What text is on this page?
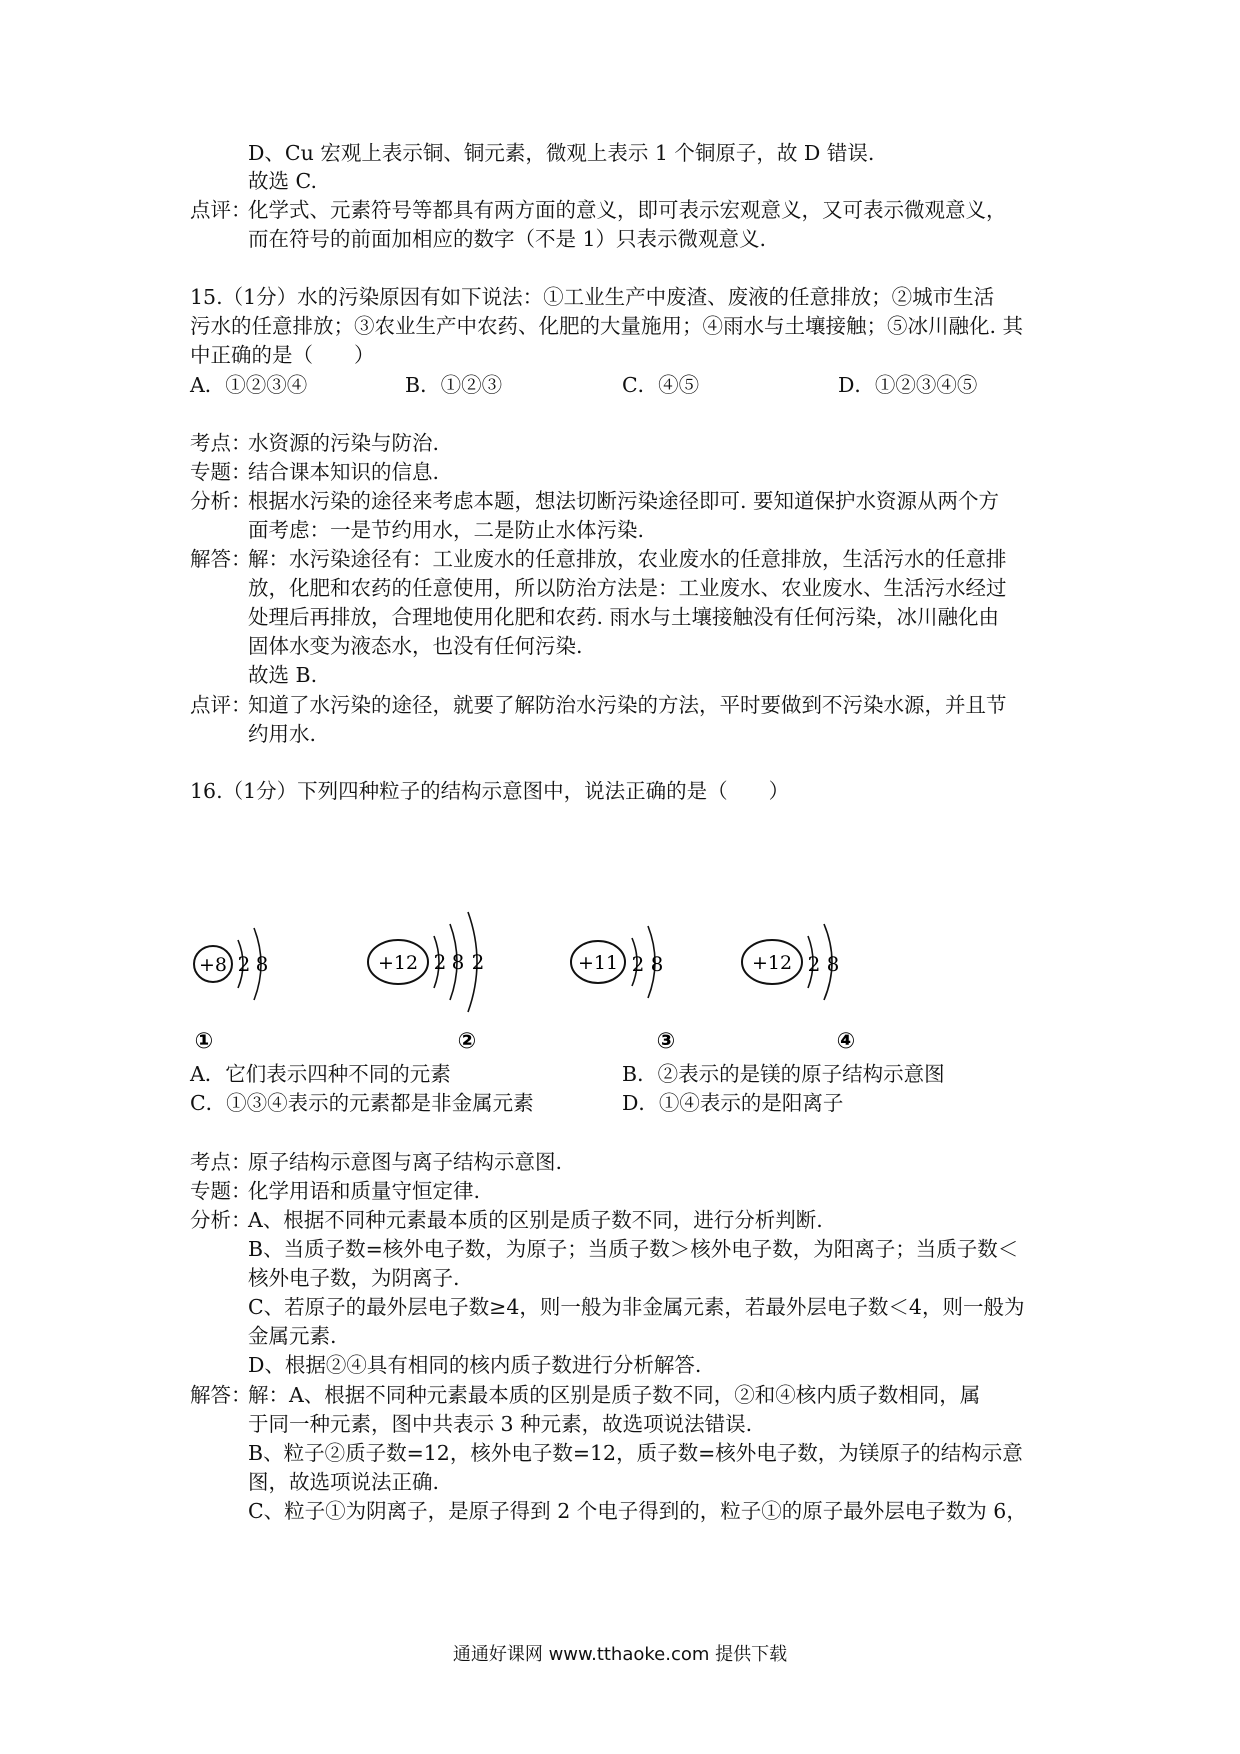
D、Cu 宏观上表示铜、铜元素，微观上表示 1 个铜原子，故 D 错误.
故选 C.
点评：
化学式、元素符号等都具有两方面的意义，即可表示宏观意义，又可表示微观意义，
而在符号的前面加相应的数字（不是 1）只表示微观意义.
15.（1分）水的污染原因有如下说法：①工业生产中废渣、废液的任意排放；②城市生活
污水的任意排放；③农业生产中农药、化肥的大量施用；④雨水与土壤接触；⑤冰川融化. 其
中正确的是（　　）
A．①②③④	B．①②③	C．④⑤	D．①②③④⑤
考点：
水资源的污染与防治.
专题：
结合课本知识的信息.
分析：
根据水污染的途径来考虑本题，想法切断污染途径即可. 要知道保护水资源从两个方
面考虑：一是节约用水，二是防止水体污染.
解答：
解：水污染途径有：工业废水的任意排放，农业废水的任意排放，生活污水的任意排
放，化肥和农药的任意使用，所以防治方法是：工业废水、农业废水、生活污水经过
处理后再排放，合理地使用化肥和农药. 雨水与土壤接触没有任何污染，冰川融化由
固体水变为液态水，也没有任何污染.
故选 B.
点评：
知道了水污染的途径，就要了解防治水污染的方法，平时要做到不污染水源，并且节
约用水.
16.（1分）下列四种粒子的结构示意图中，说法正确的是（　　）
+8 2 8
①
+12 2 8 2
②
+11 2 8
③
+12 2 8
④
A．它们表示四种不同的元素	B．②表示的是镁的原子结构示意图
C．①③④表示的元素都是非金属元素	D．①④表示的是阳离子
考点：
原子结构示意图与离子结构示意图.
专题：
化学用语和质量守恒定律.
分析：
A、根据不同种元素最本质的区别是质子数不同，进行分析判断.
B、当质子数=核外电子数，为原子；当质子数＞核外电子数，为阳离子；当质子数＜
核外电子数，为阴离子.
C、若原子的最外层电子数≥4，则一般为非金属元素，若最外层电子数＜4，则一般为
金属元素.
D、根据②④具有相同的核内质子数进行分析解答.
解答：
解：A、根据不同种元素最本质的区别是质子数不同，②和④核内质子数相同，属
于同一种元素，图中共表示 3 种元素，故选项说法错误.
B、粒子②质子数=12，核外电子数=12，质子数=核外电子数，为镁原子的结构示意
图，故选项说法正确.
C、粒子①为阴离子，是原子得到 2 个电子得到的，粒子①的原子最外层电子数为 6，
通通好课网 www.tthaoke.com 提供下载
